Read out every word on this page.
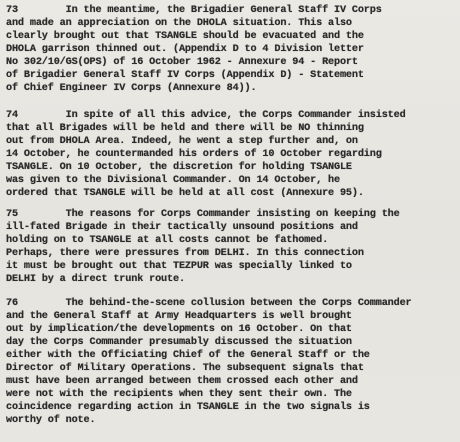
73        In the meantime, the Brigadier General Staff IV Corps
and made an appreciation on the DHOLA situation. This also
clearly brought out that TSANGLE should be evacuated and the
DHOLA garrison thinned out. (Appendix D to 4 Division letter
No 302/10/GS(OPS) of 16 October 1962 - Annexure 94 - Report
of Brigadier General Staff IV Corps (Appendix D) - Statement
of Chief Engineer IV Corps (Annexure 84)).
74        In spite of all this advice, the Corps Commander insisted
that all Brigades will be held and there will be NO thinning
out from DHOLA Area. Indeed, he went a step further and, on
14 October, he countermanded his orders of 10 October regarding
TSANGLE. On 10 October, the discretion for holding TSANGLE
was given to the Divisional Commander. On 14 October, he
ordered that TSANGLE will be held at all cost (Annexure 95).
75        The reasons for Corps Commander insisting on keeping the
ill-fated Brigade in their tactically unsound positions and
holding on to TSANGLE at all costs cannot be fathomed.
Perhaps, there were pressures from DELHI. In this connection
it must be brought out that TEZPUR was specially linked to
DELHI by a direct trunk route.
76        The behind-the-scene collusion between the Corps Commander
and the General Staff at Army Headquarters is well brought
out by implication/the developments on 16 October. On that
day the Corps Commander presumably discussed the situation
either with the Officiating Chief of the General Staff or the
Director of Military Operations. The subsequent signals that
must have been arranged between them crossed each other and
were not with the recipients when they sent their own. The
coincidence regarding action in TSANGLE in the two signals is
worthy of note.
